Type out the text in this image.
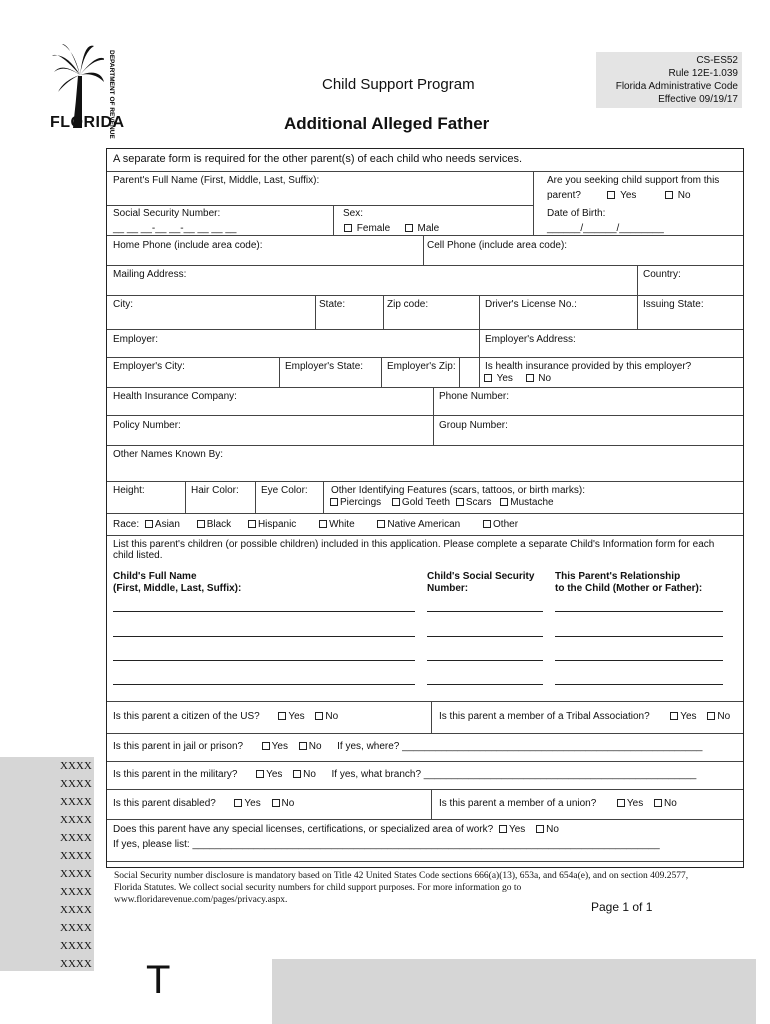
DEPARTMENT OF REVENUE
FLORIDA
Child Support Program
Additional Alleged Father
CS-ES52
Rule 12E-1.039
Florida Administrative Code
Effective 09/19/17
A separate form is required for the other parent(s) of each child who needs services.
Parent's Full Name (First, Middle, Last, Suffix):	Are you seeking child support from this
parent?	Yes	No
Social Security Number:
__ __ __-__ __-__ __ __ __
Sex:
Female	Male
Date of Birth:
______/______/________
Home Phone (include area code):	Cell Phone (include area code):
Mailing Address:	Country:
City:	State:	Zip code:	Driver's License No.:	Issuing State:
Employer:	Employer's Address:
Employer's City:	Employer's State: Employer's Zip:	Is health insurance provided by this employer?
Yes	No
Health Insurance Company:	Phone Number:
Policy Number:	Group Number:
Other Names Known By:
Height:	Hair Color: Eye Color: Other Identifying Features (scars, tattoos, or birth marks):
Piercings Gold Teeth Scars Mustache
Race: Asian	Black	Hispanic	White	Native American	Other
List this parent's children (or possible children) included in this application. Please complete a separate Child's Information form for each
child listed.
Child's Full Name
(First, Middle, Last, Suffix):
Child's Social Security
Number:
This Parent's Relationship
to the Child (Mother or Father):
Is this parent a citizen of the US?	Yes No	Is this parent a member of a Tribal Association?	Yes No
Is this parent in jail or prison?	Yes No If yes, where? ______________________________________________________
Is this parent in the military?	Yes No If yes, what branch? _________________________________________________
Is this parent disabled?	Yes No	Is this parent a member of a union?	Yes No
Does this parent have any special licenses, certifications, or specialized area of work? Yes No
If yes, please list: ____________________________________________________________________________________
Social Security number disclosure is mandatory based on Title 42 United States Code sections 666(a)(13), 653a, and 654a(e), and on section 409.2577,
Florida Statutes. We collect social security numbers for child support purposes. For more information go to
www.floridarevenue.com/pages/privacy.aspx.	Page 1 of 1
XXXX
XXXX
XXXX
XXXX
XXXX
XXXX
XXXX
XXXX
XXXX
XXXX
XXXX
XXXX T
